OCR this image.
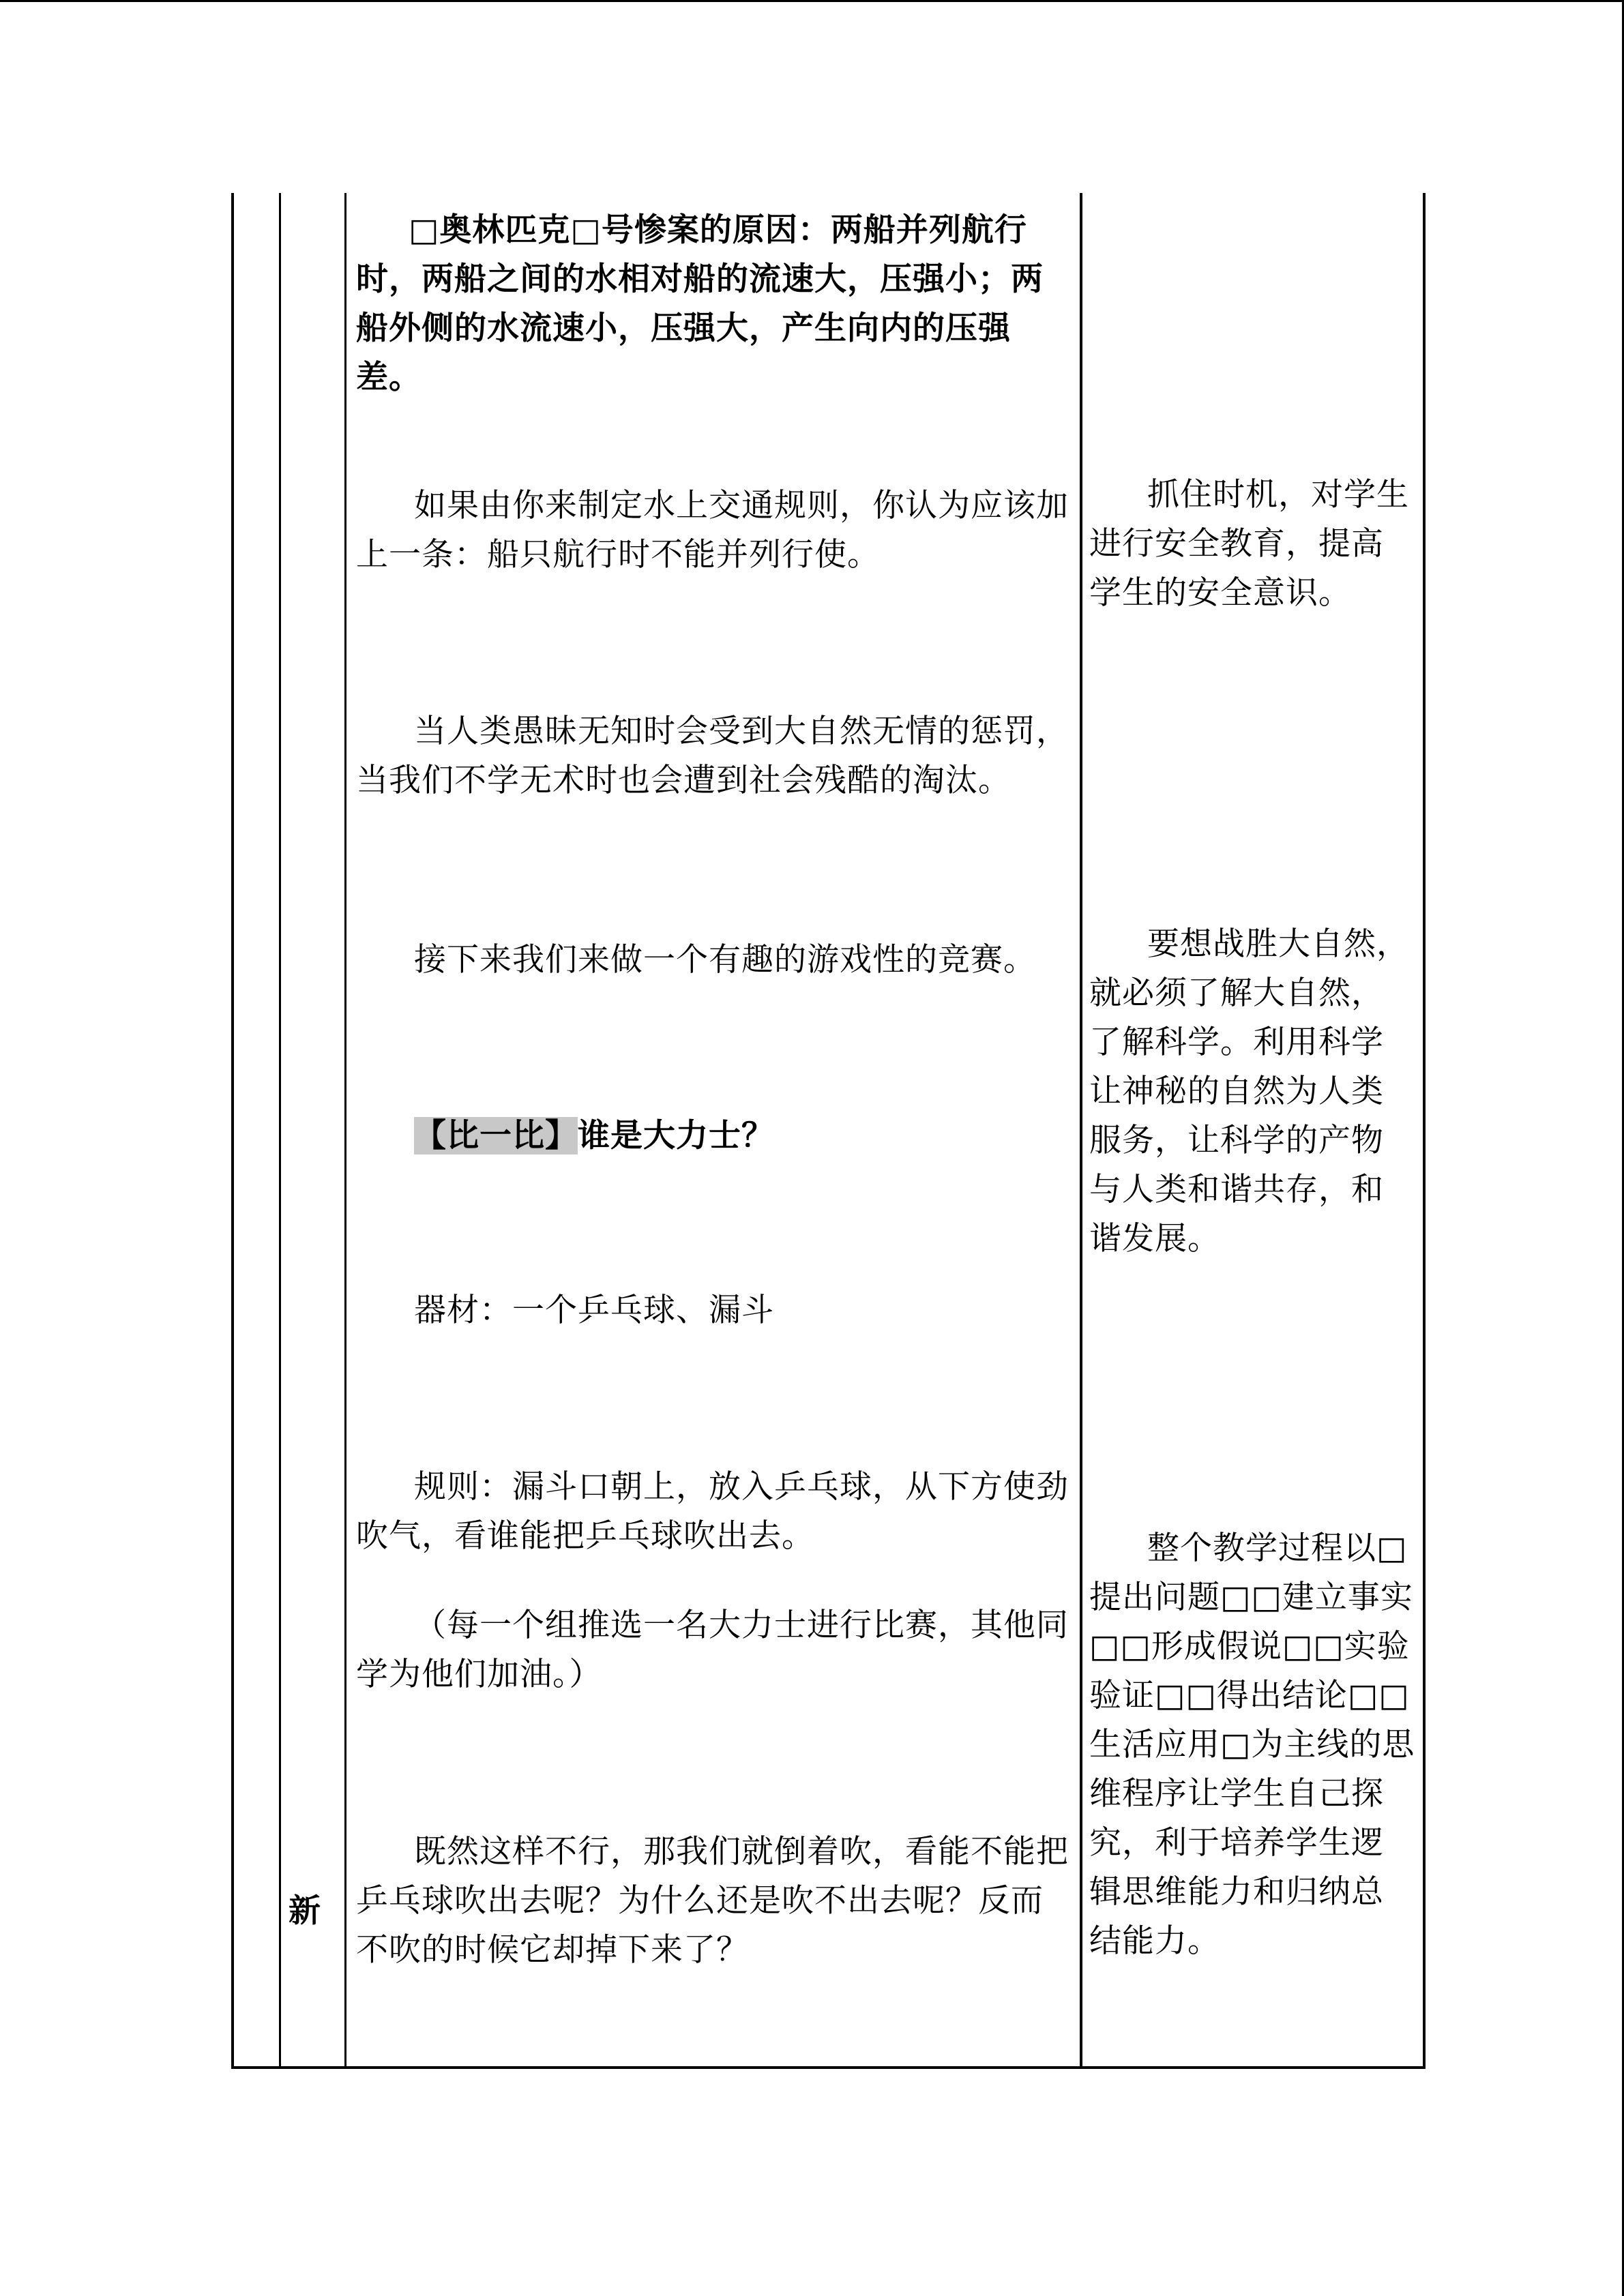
新

□奥林匹克□号惨案的原因：两船并列航行时，两船之间的水相对船的流速大，压强小；两船外侧的水流速小，压强大，产生向内的压强差。

如果由你来制定水上交通规则，你认为应该加上一条：船只航行时不能并列行使。

当人类愚昧无知时会受到大自然无情的惩罚，当我们不学无术时也会遭到社会残酷的淘汰。

接下来我们来做一个有趣的游戏性的竞赛。

【比一比】谁是大力士？

器材：一个乒乓球、漏斗

规则：漏斗口朝上，放入乒乓球，从下方使劲吹气，看谁能把乒乓球吹出去。

（每一个组推选一名大力士进行比赛，其他同学为他们加油。）

既然这样不行，那我们就倒着吹，看能不能把乒乓球吹出去呢？为什么还是吹不出去呢？反而不吹的时候它却掉下来了？

抓住时机，对学生进行安全教育，提高学生的安全意识。

要想战胜大自然，就必须了解大自然，了解科学。利用科学让神秘的自然为人类服务，让科学的产物与人类和谐共存，和谐发展。

整个教学过程以□提出问题□□建立事实□□形成假说□□实验验证□□得出结论□□生活应用□为主线的思维程序让学生自己探究，利于培养学生逻辑思维能力和归纳总结能力。
